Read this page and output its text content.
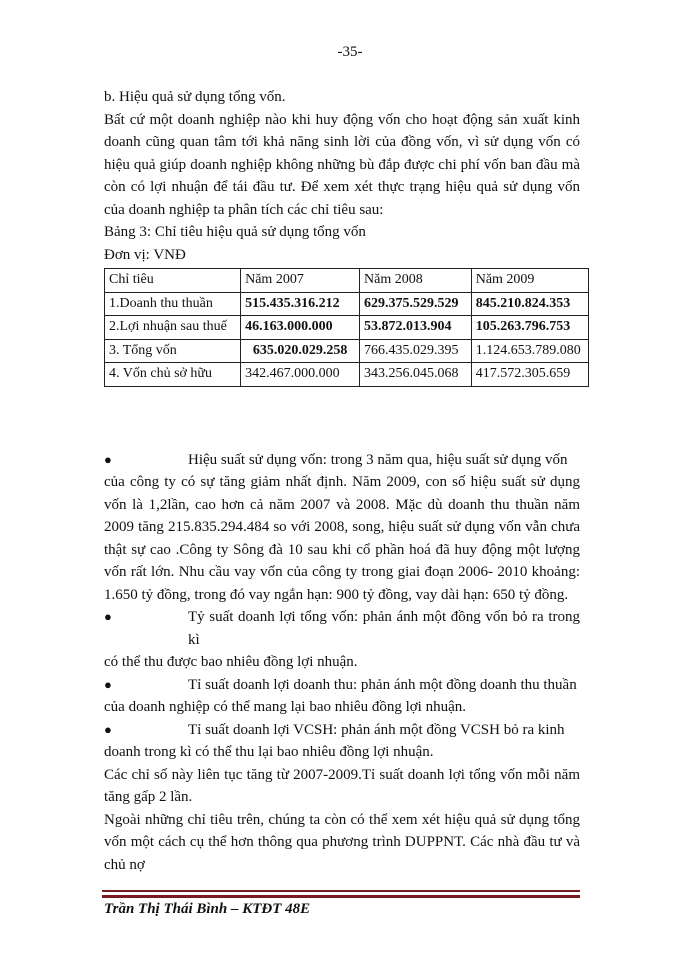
-35-

b. Hiệu quả sử dụng tổng vốn.

Bất cứ một doanh nghiệp nào khi huy động vốn cho hoạt động sản xuất kinh doanh cũng quan tâm tới khả năng sinh lời của đồng vốn, vì sử dụng vốn có hiệu quả giúp doanh nghiệp không những bù đắp được chi phí vốn ban đầu mà còn có lợi nhuận để tái đầu tư. Để xem xét thực trạng hiệu quả sử dụng vốn của doanh nghiệp ta phân tích các chỉ tiêu sau:

Bảng 3: Chỉ tiêu hiệu quả sử dụng tổng vốn

Đơn vị: VNĐ

Chỉ tiêu	Năm 2007	Năm 2008	Năm 2009
1.Doanh thu thuần	515.435.316.212	629.375.529.529	845.210.824.353
2.Lợi nhuận sau thuế	46.163.000.000	53.872.013.904	105.263.796.753
3. Tổng vốn	635.020.029.258	766.435.029.395	1.124.653.789.080
4. Vốn chủ sở hữu	342.467.000.000	343.256.045.068	417.572.305.659
●	Hiệu suất sử dụng vốn: trong 3 năm qua, hiệu suất sử dụng vốn

của công ty có sự tăng giảm nhất định. Năm 2009, con số hiệu suất sử dụng vốn là 1,2lần, cao hơn cả năm 2007 và 2008. Mặc dù doanh thu thuần năm 2009 tăng 215.835.294.484 so với 2008, song, hiệu suất sử dụng vốn vẫn chưa thật sự cao .Công ty Sông đà 10 sau khi cổ phần hoá đã huy động một lượng vốn rất lớn. Nhu cầu vay vốn của công ty trong giai đoạn 2006- 2010 khoảng: 1.650 tỷ đồng, trong đó vay ngắn hạn: 900 tỷ đồng, vay dài hạn: 650 tỷ đồng.

●	Tỷ suất doanh lợi tổng vốn: phản ánh một đồng vốn bỏ ra trong kì

có thể thu được bao nhiêu đồng lợi nhuận.

●	Tỉ suất doanh lợi doanh thu: phản ánh một đồng doanh thu thuần

của doanh nghiệp có thể mang lại bao nhiêu đồng lợi nhuận.

●	Tỉ suất doanh lợi VCSH: phản ánh một đồng VCSH bỏ ra kinh

doanh trong kì có thể thu lại bao nhiêu đồng lợi nhuận.

Các chỉ số này liên tục tăng từ 2007-2009.Tỉ suất doanh lợi tổng vốn mỗi năm tăng gấp 2 lần.

Ngoài những chỉ tiêu trên, chúng ta còn có thể xem xét hiệu quả sử dụng tổng vốn một cách cụ thể hơn thông qua phương trình DUPPNT. Các nhà đầu tư và chủ nợ

Trần Thị Thái Bình – KTĐT 48E
